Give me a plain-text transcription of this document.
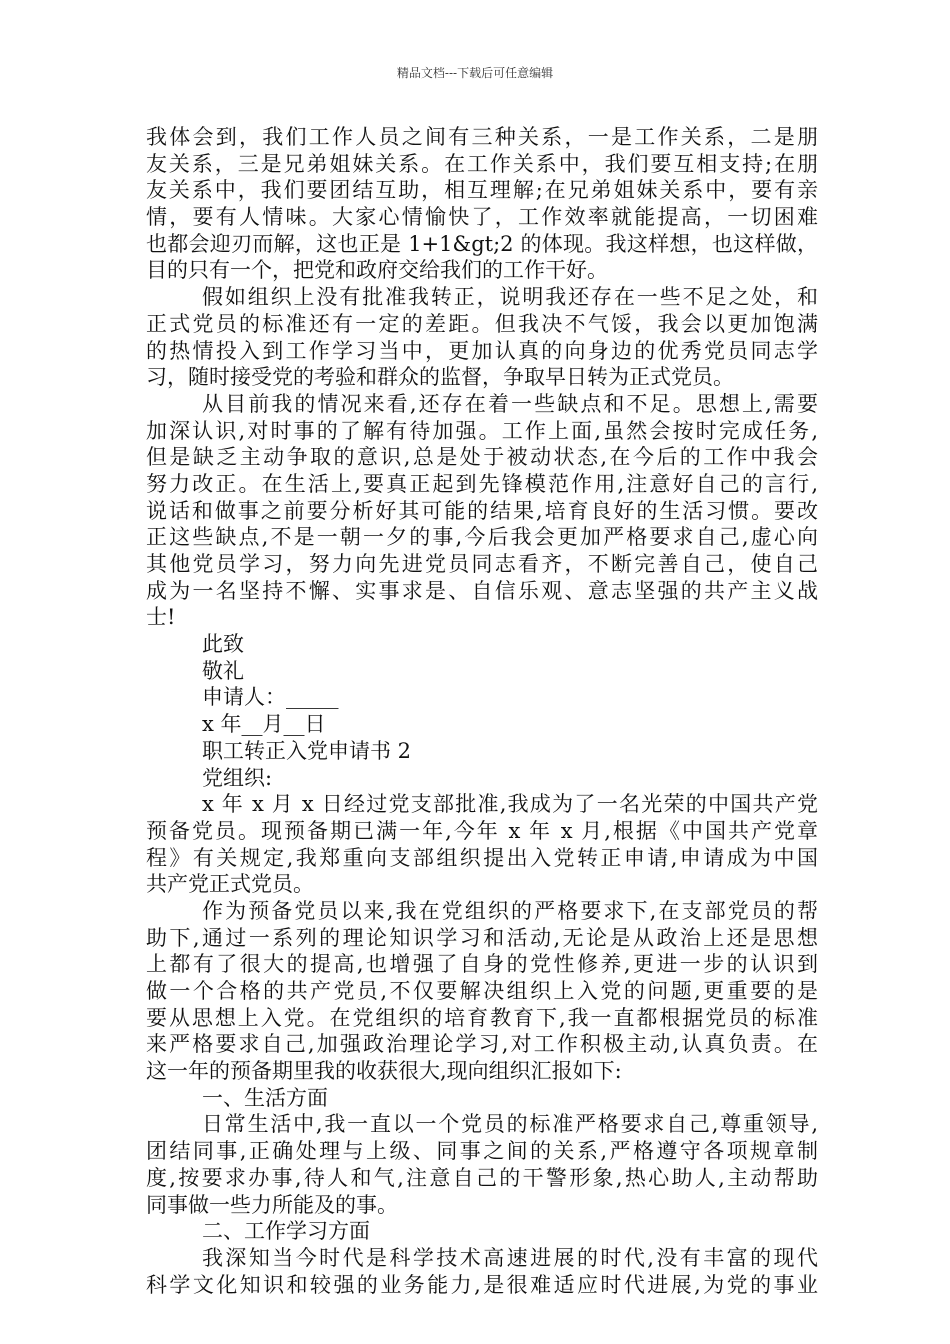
精品文档---下载后可任意编辑
我体会到，我们工作人员之间有三种关系，一是工作关系，二是朋
友关系，三是兄弟姐妹关系。在工作关系中，我们要互相支持;在朋
友关系中，我们要团结互助，相互理解;在兄弟姐妹关系中，要有亲
情，要有人情味。大家心情愉快了，工作效率就能提高，一切困难
也都会迎刃而解，这也正是 1+1&gt;2 的体现。我这样想，也这样做，
目的只有一个，把党和政府交给我们的工作干好。
假如组织上没有批准我转正，说明我还存在一些不足之处，和
正式党员的标准还有一定的差距。但我决不气馁，我会以更加饱满
的热情投入到工作学习当中，更加认真的向身边的优秀党员同志学
习，随时接受党的考验和群众的监督，争取早日转为正式党员。
从目前我的情况来看,还存在着一些缺点和不足。思想上,需要
加深认识,对时事的了解有待加强。工作上面,虽然会按时完成任务,
但是缺乏主动争取的意识,总是处于被动状态,在今后的工作中我会
努力改正。在生活上,要真正起到先锋模范作用,注意好自己的言行,
说话和做事之前要分析好其可能的结果,培育良好的生活习惯。要改
正这些缺点,不是一朝一夕的事,今后我会更加严格要求自己,虚心向
其他党员学习，努力向先进党员同志看齐，不断完善自己，使自己
成为一名坚持不懈、实事求是、自信乐观、意志坚强的共产主义战
士!
此致
敬礼
申请人：_____
x 年__月__日
职工转正入党申请书 2
党组织:
x 年 x 月 x 日经过党支部批准,我成为了一名光荣的中国共产党
预备党员。现预备期已满一年,今年 x 年 x 月,根据《中国共产党章
程》有关规定,我郑重向支部组织提出入党转正申请,申请成为中国
共产党正式党员。
作为预备党员以来,我在党组织的严格要求下,在支部党员的帮
助下,通过一系列的理论知识学习和活动,无论是从政治上还是思想
上都有了很大的提高,也增强了自身的党性修养,更进一步的认识到
做一个合格的共产党员,不仅要解决组织上入党的问题,更重要的是
要从思想上入党。在党组织的培育教育下,我一直都根据党员的标准
来严格要求自己,加强政治理论学习,对工作积极主动,认真负责。在
这一年的预备期里我的收获很大,现向组织汇报如下:
一、生活方面
日常生活中,我一直以一个党员的标准严格要求自己,尊重领导,
团结同事,正确处理与上级、同事之间的关系,严格遵守各项规章制
度,按要求办事,待人和气,注意自己的干警形象,热心助人,主动帮助
同事做一些力所能及的事。
二、工作学习方面
我深知当今时代是科学技术高速进展的时代,没有丰富的现代
科学文化知识和较强的业务能力,是很难适应时代进展,为党的事业
